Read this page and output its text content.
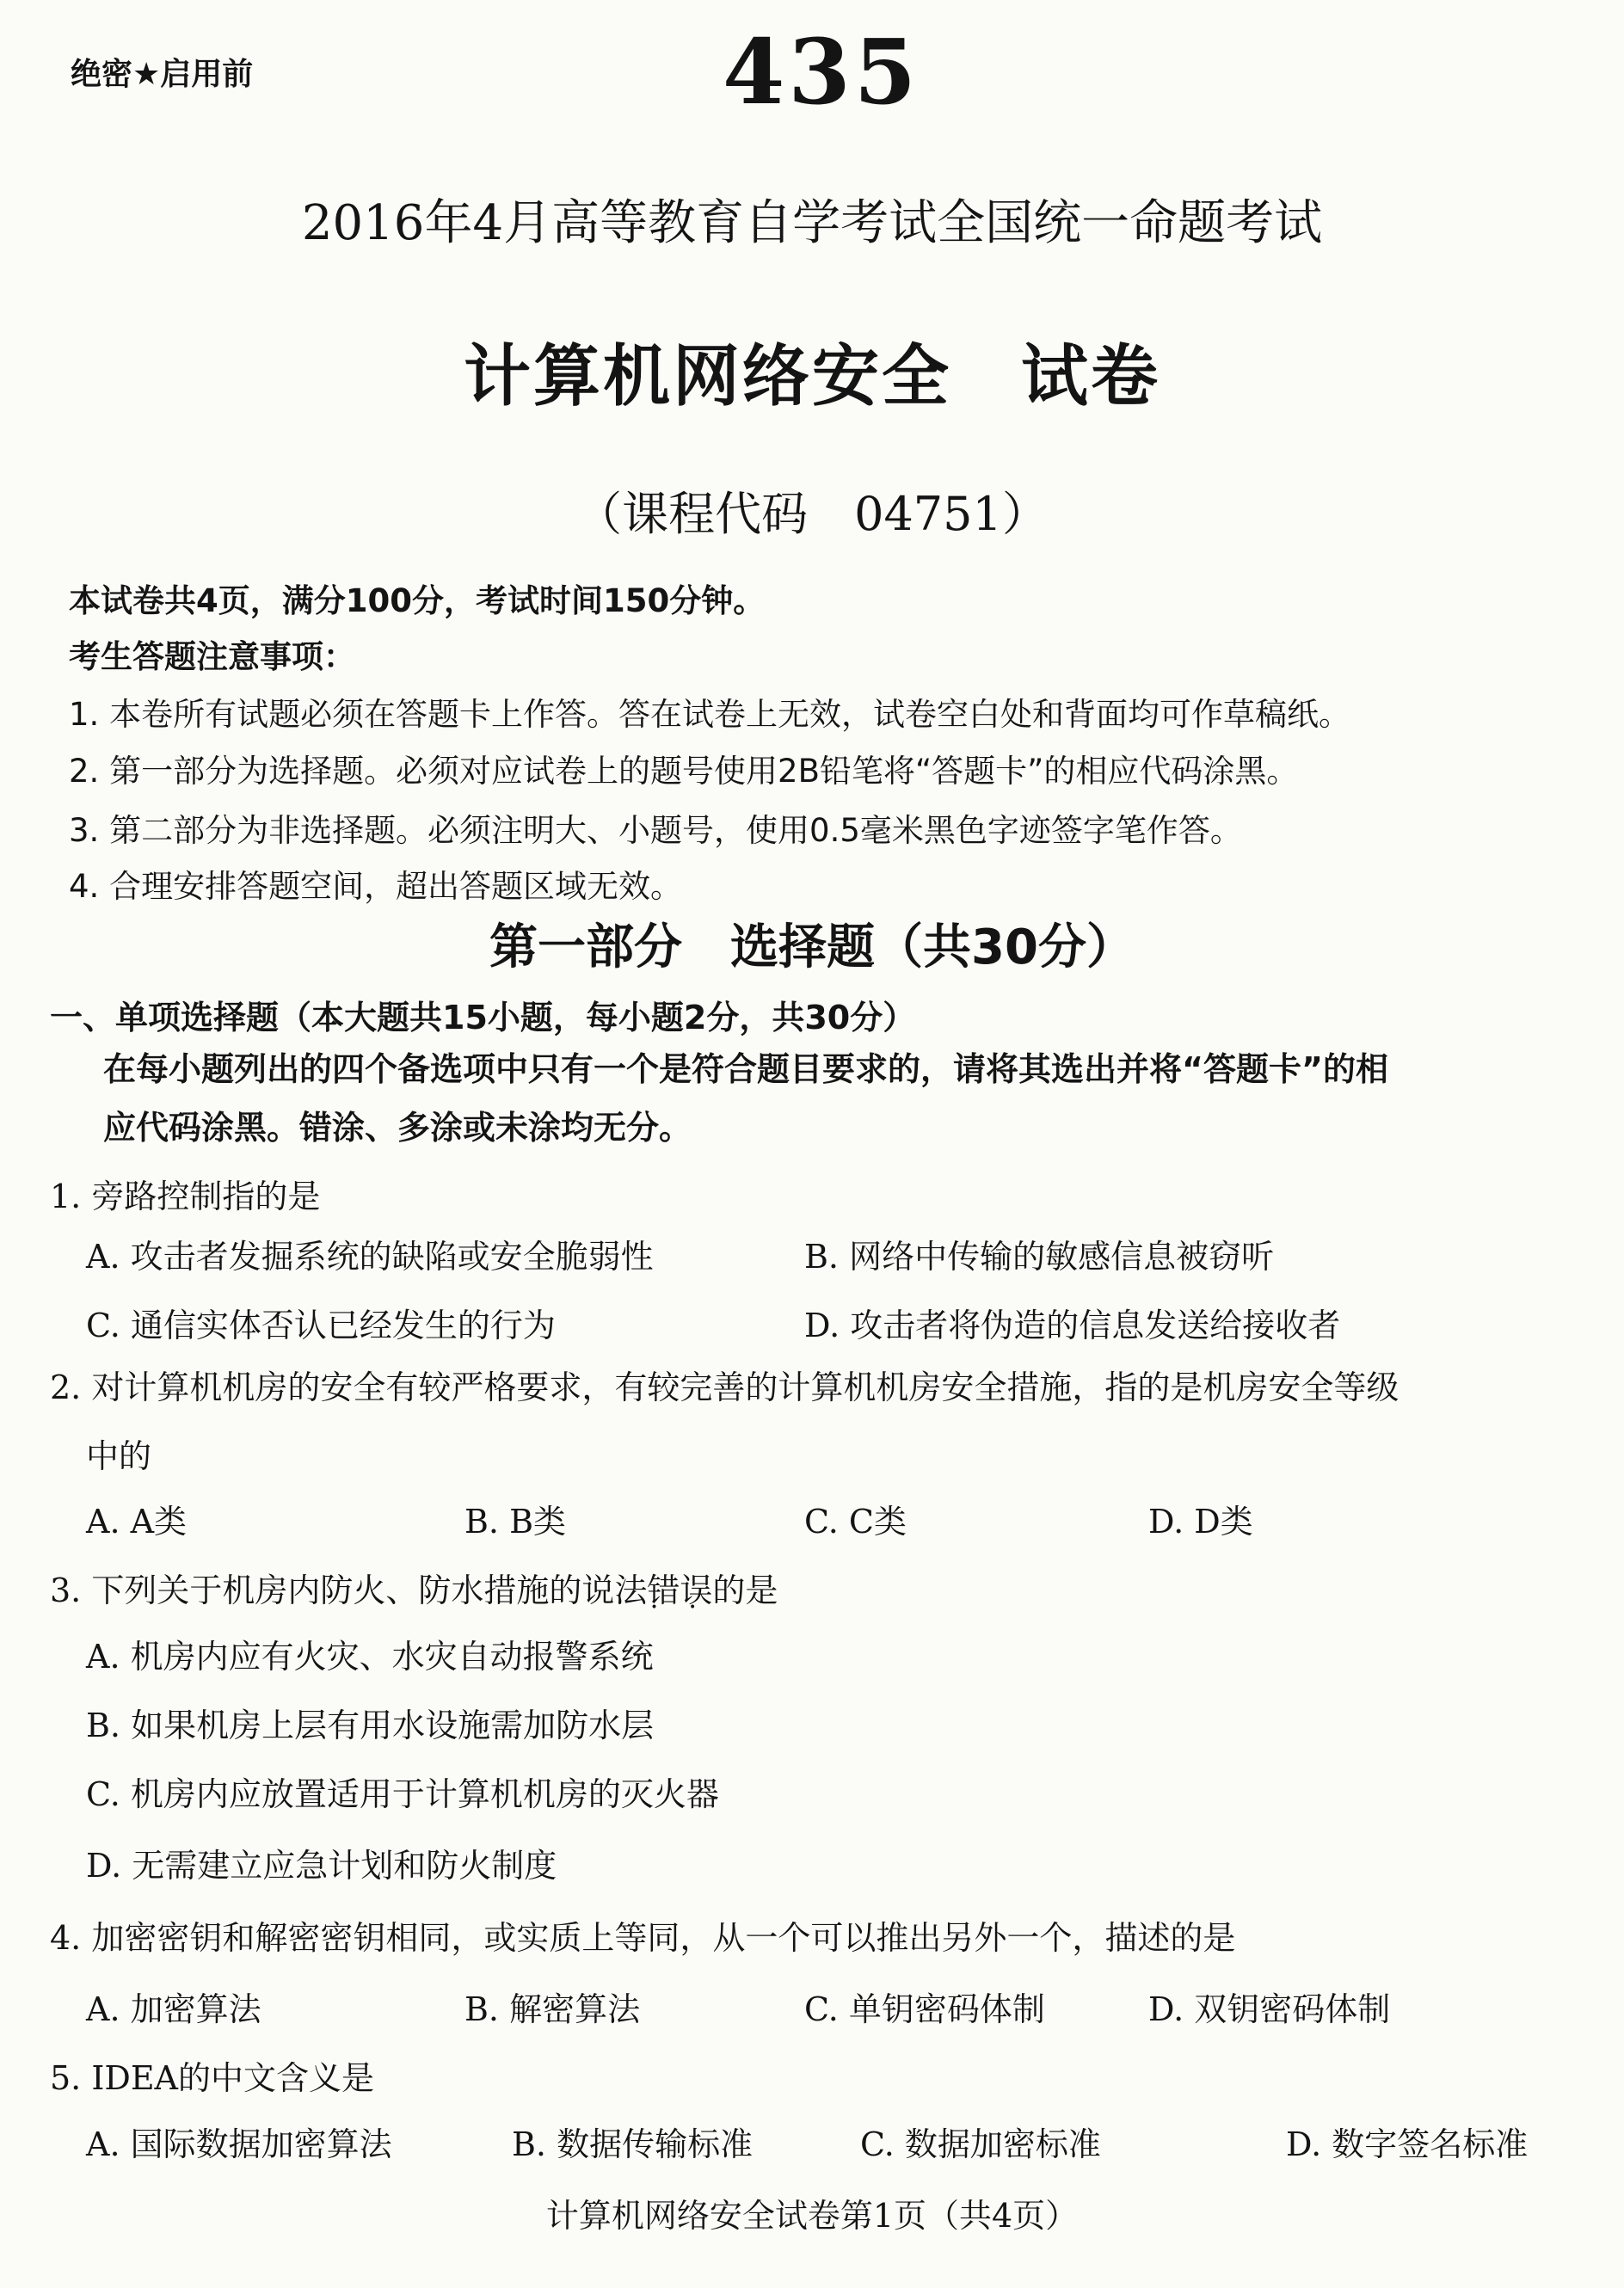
绝密★启用前	435
2016年4月高等教育自学考试全国统一命题考试
计算机网络安全　试卷
（课程代码　04751）
本试卷共4页，满分100分，考试时间150分钟。
考生答题注意事项：
1. 本卷所有试题必须在答题卡上作答。答在试卷上无效，试卷空白处和背面均可作草稿纸。
2. 第一部分为选择题。必须对应试卷上的题号使用2B铅笔将“答题卡”的相应代码涂黑。
3. 第二部分为非选择题。必须注明大、小题号，使用0.5毫米黑色字迹签字笔作答。
4. 合理安排答题空间，超出答题区域无效。
第一部分　选择题（共30分）
一、单项选择题（本大题共15小题，每小题2分，共30分）
在每小题列出的四个备选项中只有一个是符合题目要求的，请将其选出并将“答题卡”的相
应代码涂黑。错涂、多涂或未涂均无分。
1. 旁路控制指的是
A. 攻击者发掘系统的缺陷或安全脆弱性	B. 网络中传输的敏感信息被窃听
C. 通信实体否认已经发生的行为	D. 攻击者将伪造的信息发送给接收者
2. 对计算机机房的安全有较严格要求，有较完善的计算机机房安全措施，指的是机房安全等级
中的
A. A类	B. B类	C. C类	D. D类
3. 下列关于机房内防火、防水措施的说法错误 • •的是
A. 机房内应有火灾、水灾自动报警系统
B. 如果机房上层有用水设施需加防水层
C. 机房内应放置适用于计算机机房的灭火器
D. 无需建立应急计划和防火制度
4. 加密密钥和解密密钥相同，或实质上等同，从一个可以推出另外一个，描述的是
A. 加密算法	B. 解密算法	C. 单钥密码体制	D. 双钥密码体制
5. IDEA的中文含义是
A. 国际数据加密算法	B. 数据传输标准	C. 数据加密标准	D. 数字签名标准
计算机网络安全试卷第1页（共4页）
